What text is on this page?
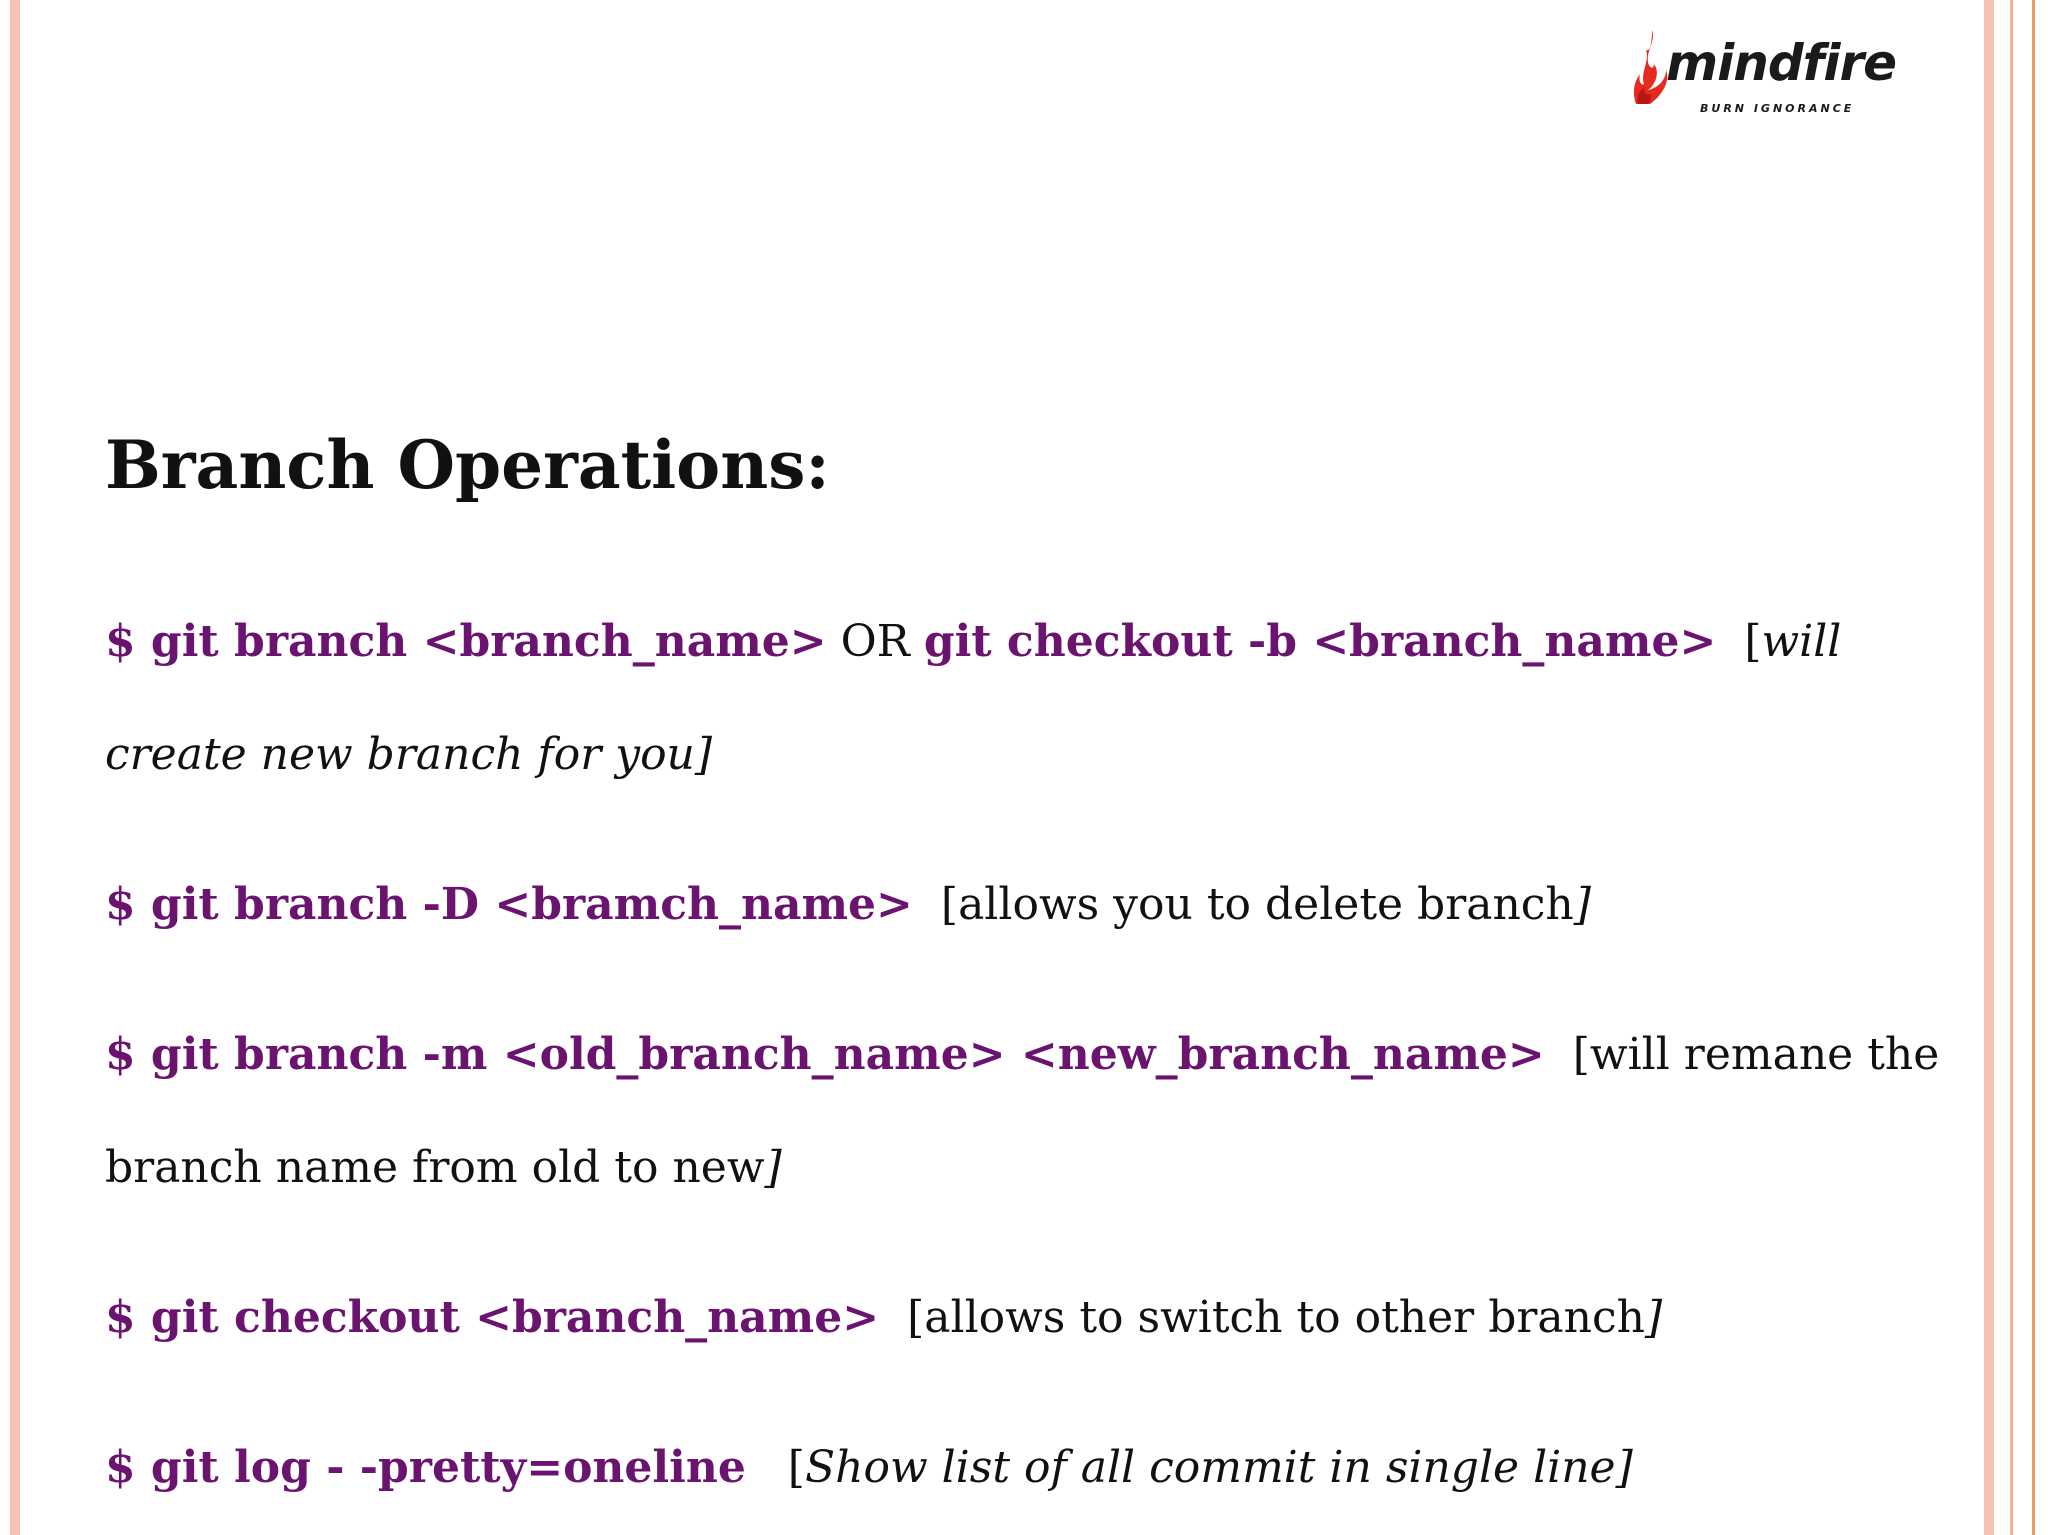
mindfire
BURN IGNORANCE
Branch Operations:
$ git branch <branch_name> OR git checkout -b <branch_name> [will
create new branch for you]
$ git branch -D <bramch_name> [allows you to delete branch]
$ git branch -m <old_branch_name> <new_branch_name> [will remane the
branch name from old to new]
$ git checkout <branch_name> [allows to switch to other branch]
$ git log - -pretty=oneline [Show list of all commit in single line]
